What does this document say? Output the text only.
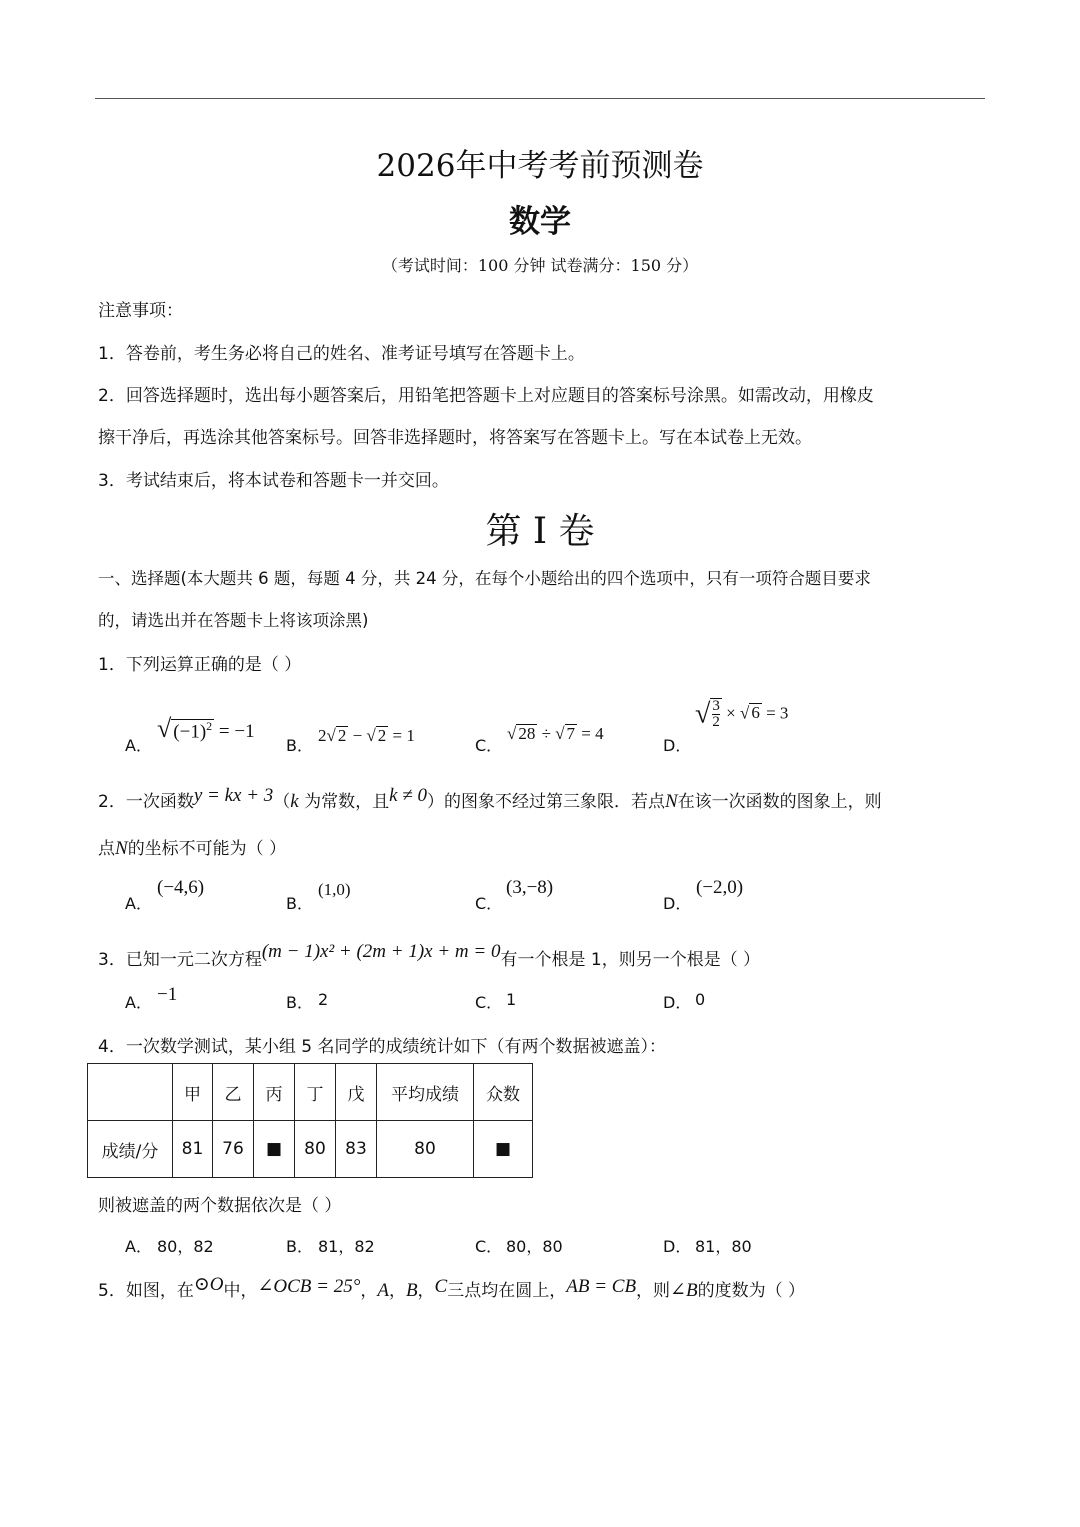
2026年中考考前预测卷
数学
（考试时间：100 分钟 试卷满分：150 分）
注意事项：
1．答卷前，考生务必将自己的姓名、准考证号填写在答题卡上。
2．回答选择题时，选出每小题答案后，用铅笔把答题卡上对应题目的答案标号涂黑。如需改动，用橡皮
擦干净后，再选涂其他答案标号。回答非选择题时，将答案写在答题卡上。写在本试卷上无效。
3．考试结束后，将本试卷和答题卡一并交回。
第 I 卷
一、选择题(本大题共 6 题，每题 4 分，共 24 分，在每个小题给出的四个选项中，只有一项符合题目要求
的，请选出并在答题卡上将该项涂黑)
1．下列运算正确的是（ ）
A．
√ $(-1)^2 = -1$
B．
2√ 2 − √ 2 = 1
C．
√ 28 ÷ √ 7 = 4
D．
√ $\frac{3}{2}$ × √ 6 = 3
2．一次函数y = kx + 3（k 为常数，且k ≠ 0）的图象不经过第三象限．若点N在该一次函数的图象上，则
点N的坐标不可能为（ ）
A．
(−4,6)
B．
(1,0)
C．
(3,−8)
D．
(−2,0)
3．已知一元二次方程(m − 1)x² + (2m + 1)x + m = 0有一个根是 1，则另一个根是（ ）
A． −1	B． 2	C． 1	D． 0
4．一次数学测试，某小组 5 名同学的成绩统计如下（有两个数据被遮盖）：
	甲	乙	丙	丁	戊	平均成绩	众数
成绩/分	81	76	■	80	83	80	■
则被遮盖的两个数据依次是（ ）
A． 80，82	B． 81，82	C． 80，80	D． 81，80
5．如图，在⊙O中，∠OCB = 25°，A，B，C三点均在圆上，AB = CB，则∠B的度数为（ ）
